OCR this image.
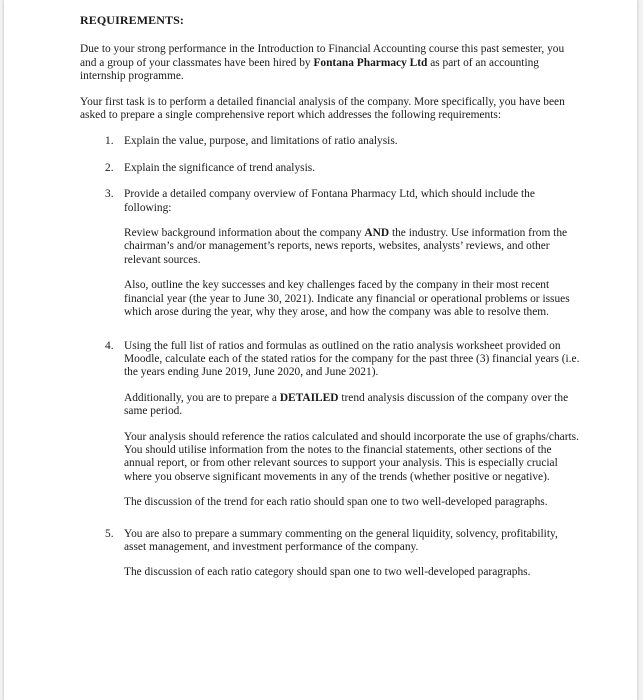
REQUIREMENTS:

Due to your strong performance in the Introduction to Financial Accounting course this past semester, you and a group of your classmates have been hired by Fontana Pharmacy Ltd as part of an accounting internship programme.

Your first task is to perform a detailed financial analysis of the company. More specifically, you have been asked to prepare a single comprehensive report which addresses the following requirements:

1. Explain the value, purpose, and limitations of ratio analysis.
2. Explain the significance of trend analysis.
3. Provide a detailed company overview of Fontana Pharmacy Ltd, which should include the following:

Review background information about the company AND the industry. Use information from the chairman’s and/or management’s reports, news reports, websites, analysts’ reviews, and other relevant sources.

Also, outline the key successes and key challenges faced by the company in their most recent financial year (the year to June 30, 2021). Indicate any financial or operational problems or issues which arose during the year, why they arose, and how the company was able to resolve them.

4. Using the full list of ratios and formulas as outlined on the ratio analysis worksheet provided on Moodle, calculate each of the stated ratios for the company for the past three (3) financial years (i.e. the years ending June 2019, June 2020, and June 2021).

Additionally, you are to prepare a DETAILED trend analysis discussion of the company over the same period.

Your analysis should reference the ratios calculated and should incorporate the use of graphs/charts. You should utilise information from the notes to the financial statements, other sections of the annual report, or from other relevant sources to support your analysis. This is especially crucial where you observe significant movements in any of the trends (whether positive or negative).

The discussion of the trend for each ratio should span one to two well-developed paragraphs.

5. You are also to prepare a summary commenting on the general liquidity, solvency, profitability, asset management, and investment performance of the company.

The discussion of each ratio category should span one to two well-developed paragraphs.
